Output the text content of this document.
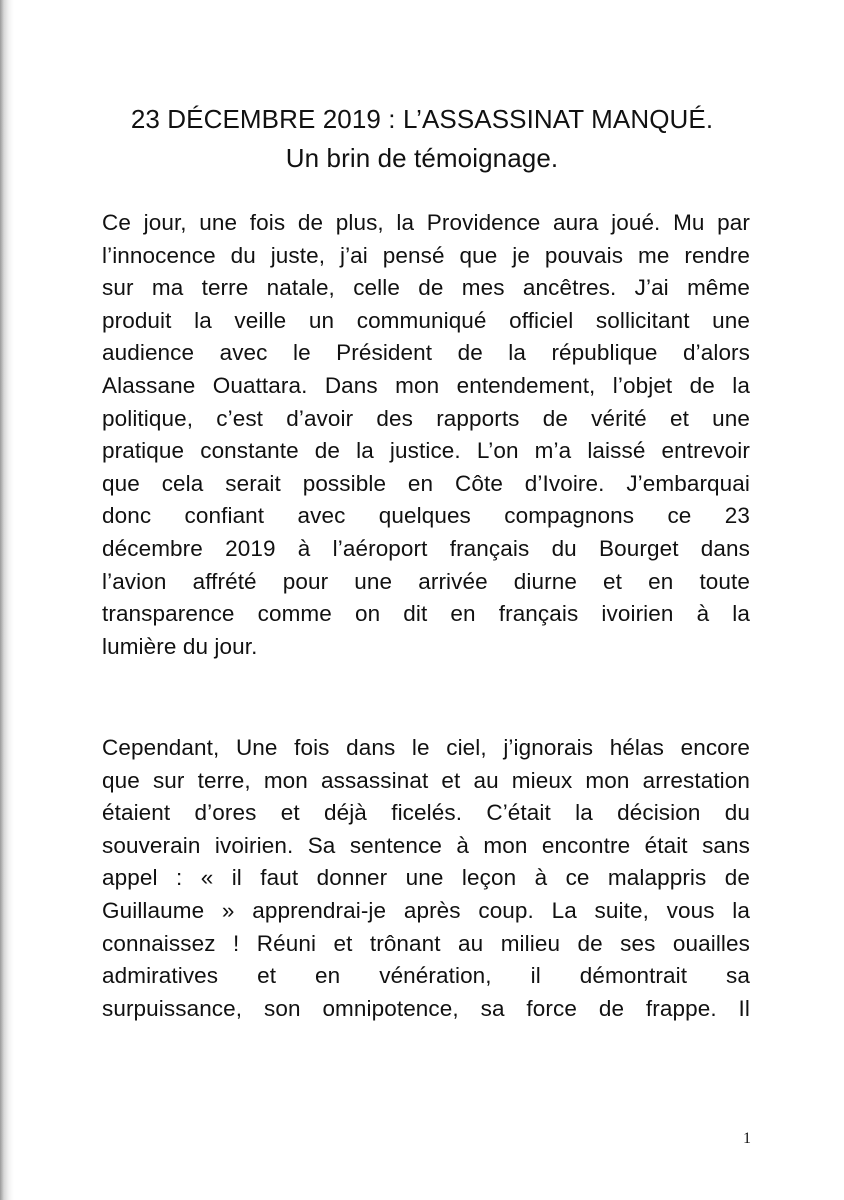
23 DÉCEMBRE 2019 : L’ASSASSINAT MANQUÉ.
Un brin de témoignage.

Ce jour, une fois de plus, la Providence aura joué. Mu par
l’innocence du juste, j’ai pensé que je pouvais me rendre
sur ma terre natale, celle de mes ancêtres. J’ai même
produit la veille un communiqué officiel sollicitant une
audience avec le Président de la république d’alors
Alassane Ouattara. Dans mon entendement, l’objet de la
politique, c’est d’avoir des rapports de vérité et une
pratique constante de la justice. L’on m’a laissé entrevoir
que cela serait possible en Côte d’Ivoire. J’embarquai
donc confiant avec quelques compagnons ce 23
décembre 2019 à l’aéroport français du Bourget dans
l’avion affrété pour une arrivée diurne et en toute
transparence comme on dit en français ivoirien à la
lumière du jour.

Cependant, Une fois dans le ciel, j’ignorais hélas encore
que sur terre, mon assassinat et au mieux mon arrestation
étaient d’ores et déjà ficelés. C’était la décision du
souverain ivoirien. Sa sentence à mon encontre était sans
appel : « il faut donner une leçon à ce malappris de
Guillaume » apprendrai-je après coup. La suite, vous la
connaissez ! Réuni et trônant au milieu de ses ouailles
admiratives et en vénération, il démontrait sa
surpuissance, son omnipotence, sa force de frappe. Il

1
